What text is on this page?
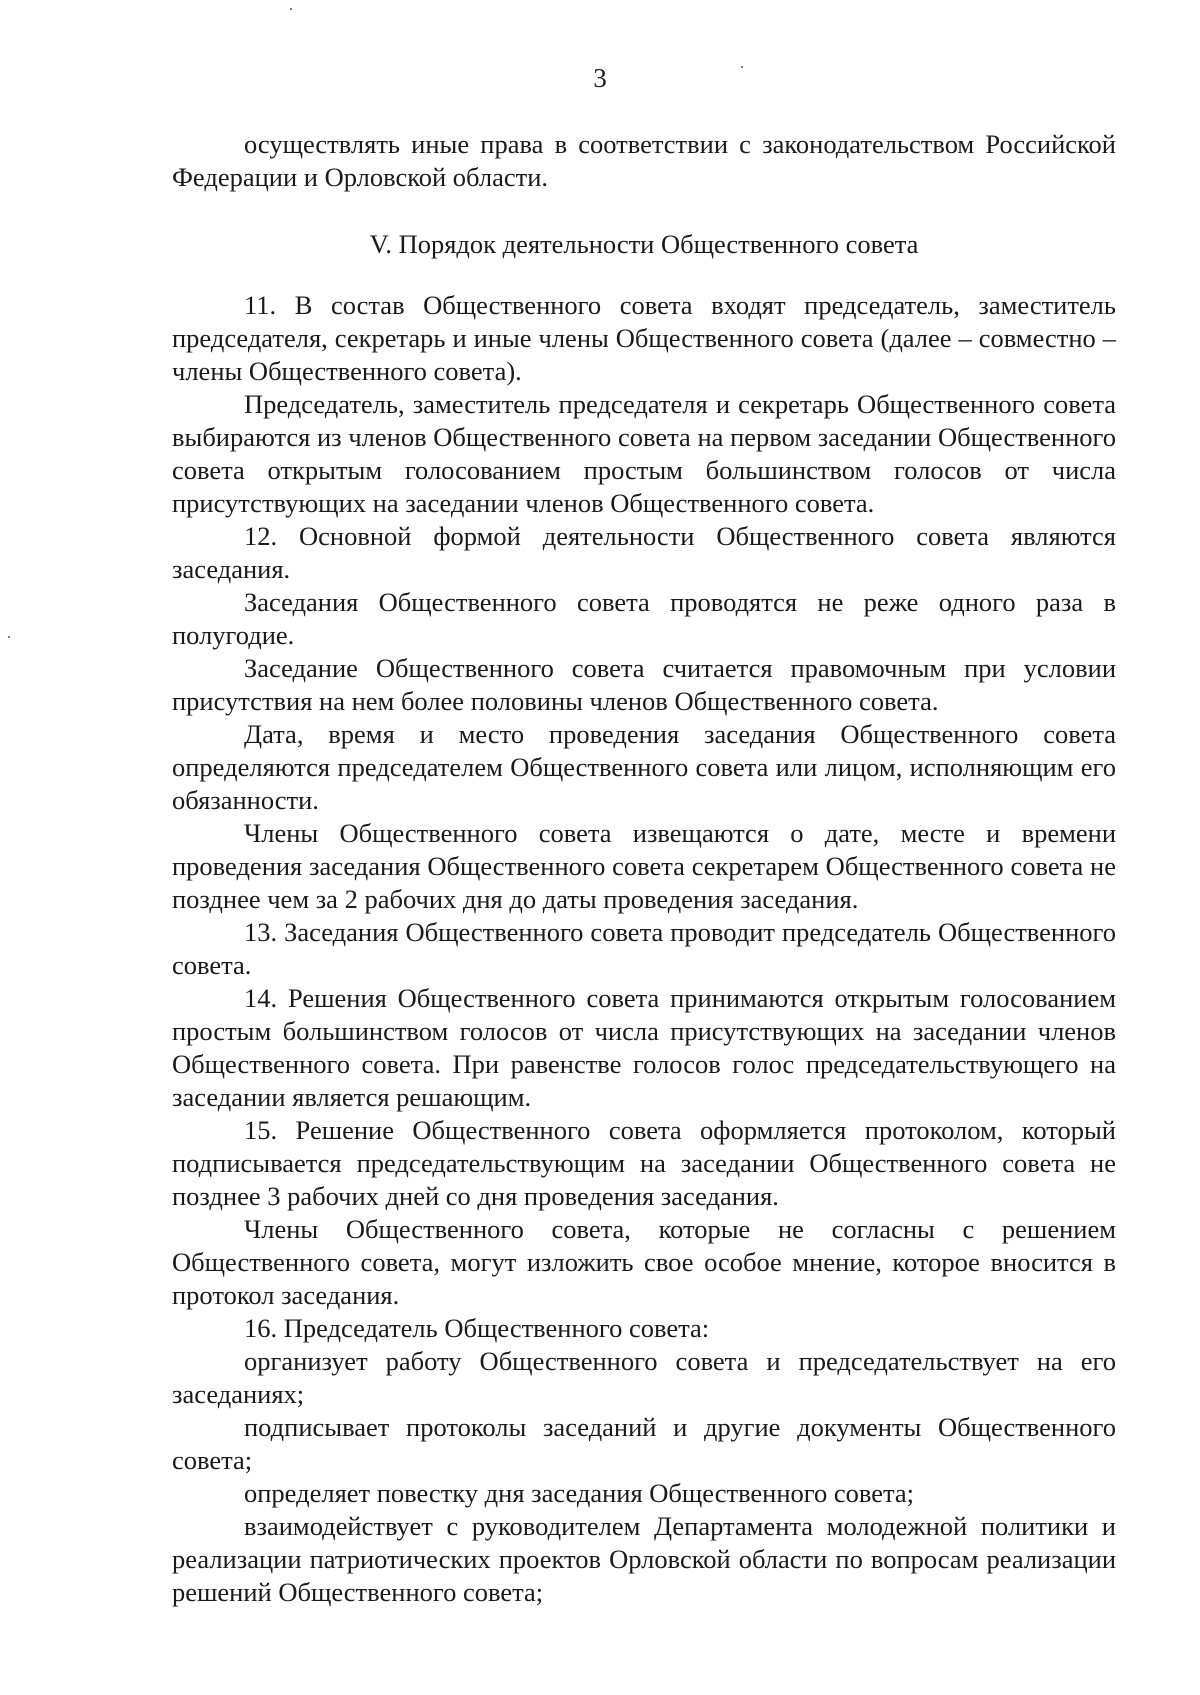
3

осуществлять иные права в соответствии с законодательством Российской Федерации и Орловской области.

V. Порядок деятельности Общественного совета

11. В состав Общественного совета входят председатель, заместитель председателя, секретарь и иные члены Общественного совета (далее – совместно – члены Общественного совета).

Председатель, заместитель председателя и секретарь Общественного совета выбираются из членов Общественного совета на первом заседании Общественного совета открытым голосованием простым большинством голосов от числа присутствующих на заседании членов Общественного совета.

12. Основной формой деятельности Общественного совета являются заседания.

Заседания Общественного совета проводятся не реже одного раза в полугодие.

Заседание Общественного совета считается правомочным при условии присутствия на нем более половины членов Общественного совета.

Дата, время и место проведения заседания Общественного совета определяются председателем Общественного совета или лицом, исполняющим его обязанности.

Члены Общественного совета извещаются о дате, месте и времени проведения заседания Общественного совета секретарем Общественного совета не позднее чем за 2 рабочих дня до даты проведения заседания.

13. Заседания Общественного совета проводит председатель Общественного совета.

14. Решения Общественного совета принимаются открытым голосованием простым большинством голосов от числа присутствующих на заседании членов Общественного совета. При равенстве голосов голос председательствующего на заседании является решающим.

15. Решение Общественного совета оформляется протоколом, который подписывается председательствующим на заседании Общественного совета не позднее 3 рабочих дней со дня проведения заседания.

Члены Общественного совета, которые не согласны с решением Общественного совета, могут изложить свое особое мнение, которое вносится в протокол заседания.

16. Председатель Общественного совета:

организует работу Общественного совета и председательствует на его заседаниях;

подписывает протоколы заседаний и другие документы Общественного совета;

определяет повестку дня заседания Общественного совета;

взаимодействует с руководителем Департамента молодежной политики и реализации патриотических проектов Орловской области по вопросам реализации решений Общественного совета;
